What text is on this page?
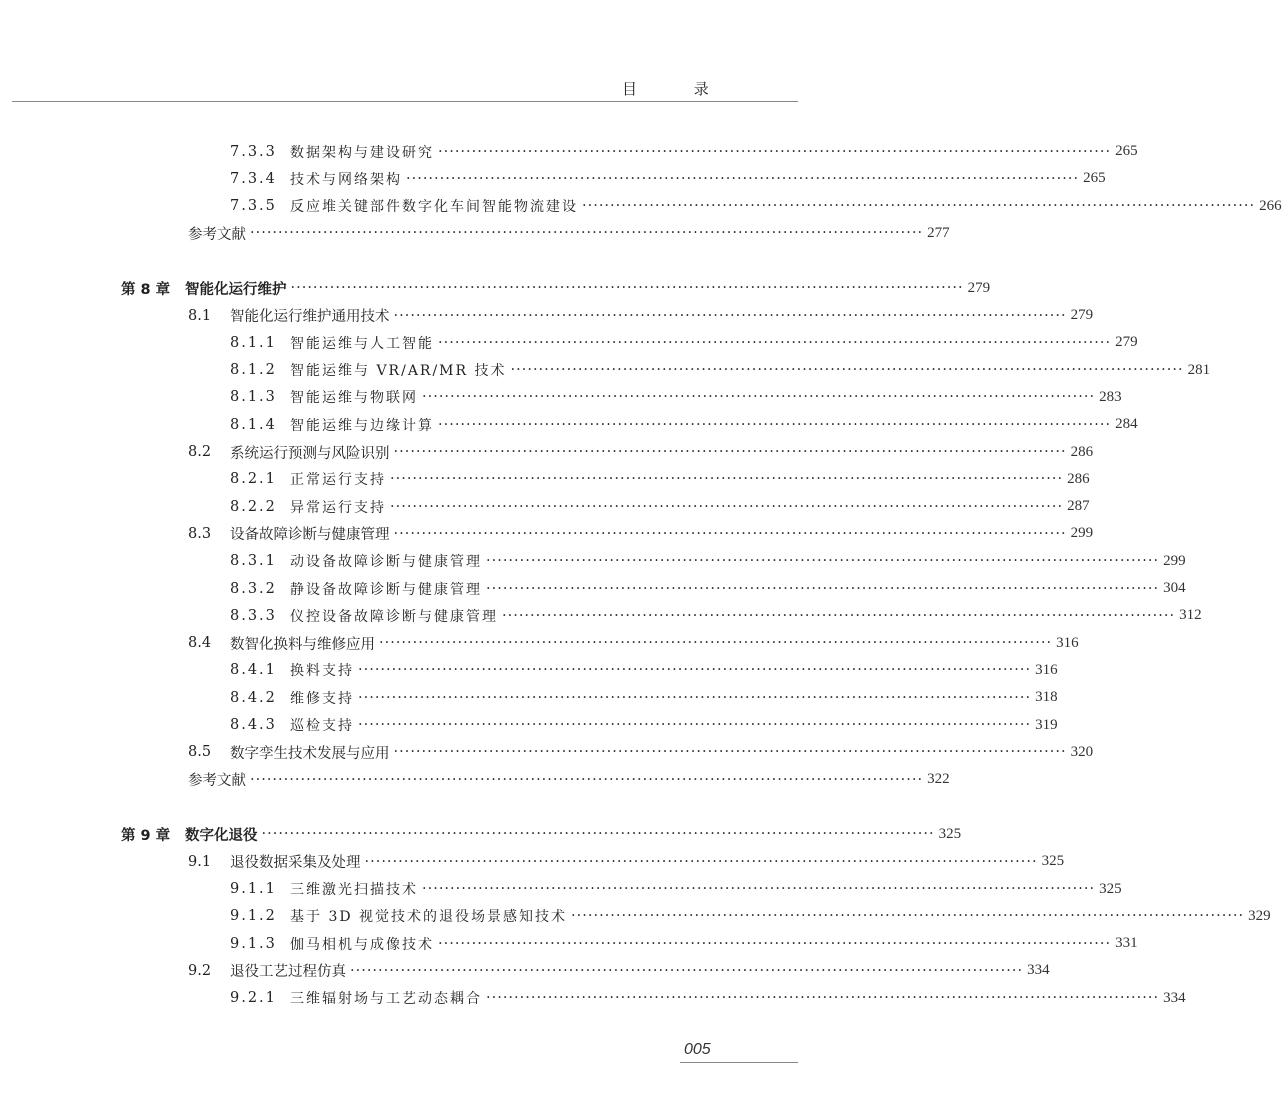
目 录
7.3.3 数据架构与建设研究 ························································································································ 265
7.3.4 技术与网络架构 ························································································································ 265
7.3.5 反应堆关键部件数字化车间智能物流建设 ························································································································ 266
参考文献 ························································································································ 277
第 8 章	智能化运行维护 ························································································································ 279
8.1	智能化运行维护通用技术 ························································································································ 279
8.1.1 智能运维与人工智能 ························································································································ 279
8.1.2 智能运维与 VR/AR/MR 技术 ························································································································ 281
8.1.3 智能运维与物联网 ························································································································ 283
8.1.4 智能运维与边缘计算 ························································································································ 284
8.2	系统运行预测与风险识别 ························································································································ 286
8.2.1 正常运行支持 ························································································································ 286
8.2.2 异常运行支持 ························································································································ 287
8.3	设备故障诊断与健康管理 ························································································································ 299
8.3.1 动设备故障诊断与健康管理 ························································································································ 299
8.3.2 静设备故障诊断与健康管理 ························································································································ 304
8.3.3 仪控设备故障诊断与健康管理 ························································································································ 312
8.4	数智化换料与维修应用 ························································································································ 316
8.4.1 换料支持 ························································································································ 316
8.4.2 维修支持 ························································································································ 318
8.4.3 巡检支持 ························································································································ 319
8.5	数字孪生技术发展与应用 ························································································································ 320
参考文献 ························································································································ 322
第 9 章	数字化退役 ························································································································ 325
9.1	退役数据采集及处理 ························································································································ 325
9.1.1 三维激光扫描技术 ························································································································ 325
9.1.2 基于 3D 视觉技术的退役场景感知技术 ························································································································ 329
9.1.3 伽马相机与成像技术 ························································································································ 331
9.2	退役工艺过程仿真 ························································································································ 334
9.2.1 三维辐射场与工艺动态耦合 ························································································································ 334
005
